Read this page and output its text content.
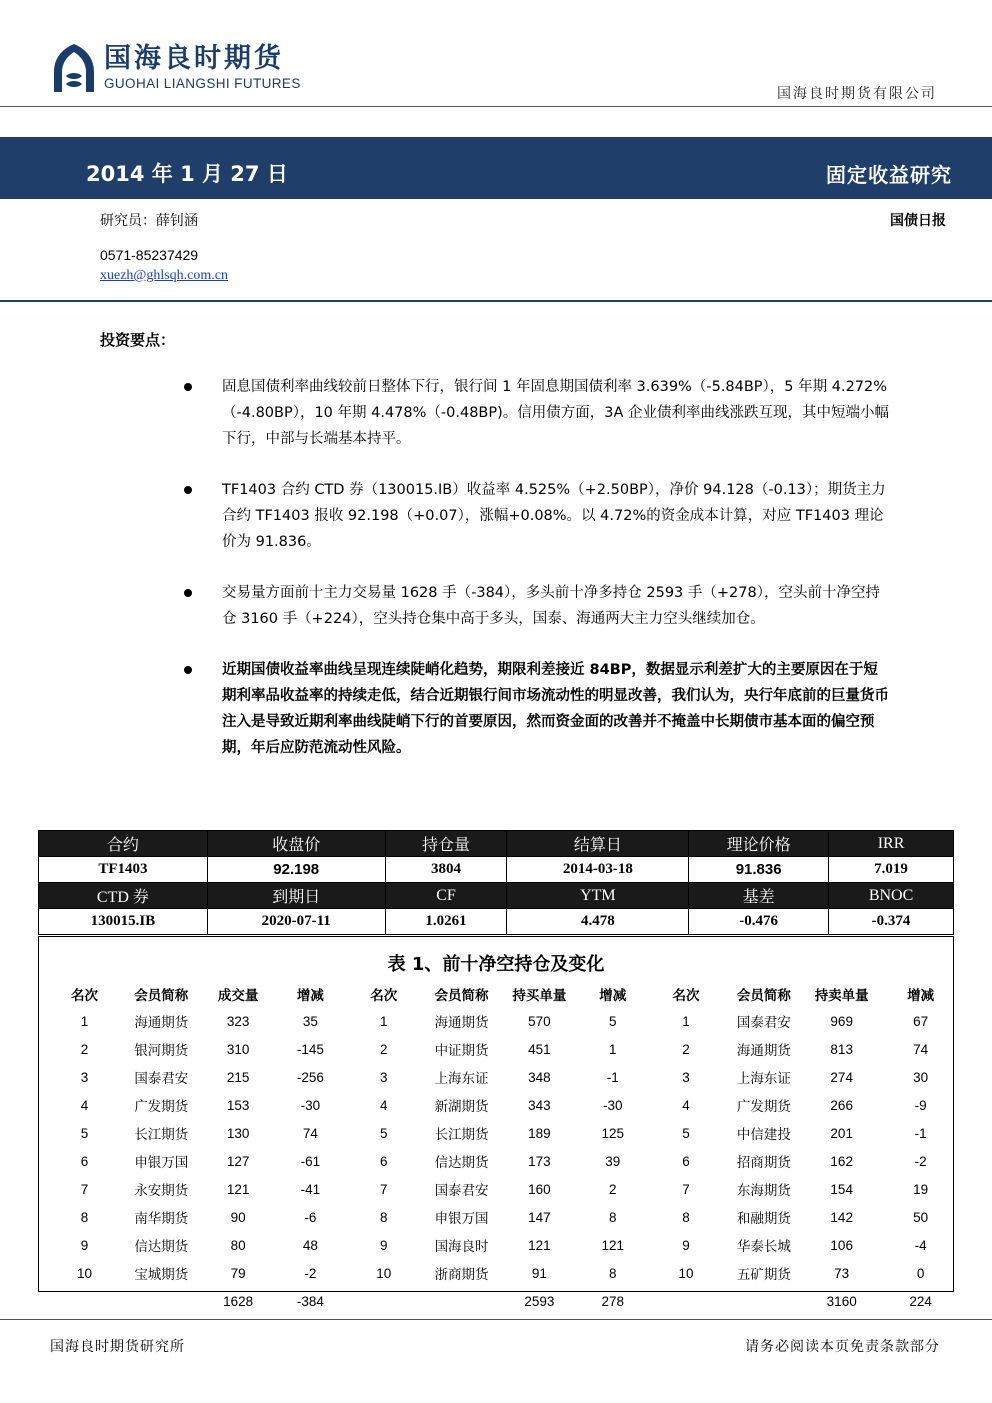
国海良时期货
GUOHAI LIANGSHI FUTURES
国海良时期货有限公司
2014 年 1 月 27 日	固定收益研究
研究员：薛钊涵	国债日报
0571-85237429
xuezh@ghlsqh.com.cn
投资要点：
固息国债利率曲线较前日整体下行，银行间 1 年固息期国债利率 3.639%（-5.84BP），5 年期 4.272%（-4.80BP），10 年期 4.478%（-0.48BP)。信用债方面，3A 企业债利率曲线涨跌互现，其中短端小幅下行，中部与长端基本持平。
TF1403 合约 CTD 券（130015.IB）收益率 4.525%（+2.50BP），净价 94.128（-0.13）；期货主力合约 TF1403 报收 92.198（+0.07），涨幅+0.08%。以 4.72%的资金成本计算，对应 TF1403 理论价为 91.836。
交易量方面前十主力交易量 1628 手（-384），多头前十净多持仓 2593 手（+278），空头前十净空持仓 3160 手（+224），空头持仓集中高于多头，国泰、海通两大主力空头继续加仓。
近期国债收益率曲线呈现连续陡峭化趋势，期限利差接近 84BP，数据显示利差扩大的主要原因在于短期利率品收益率的持续走低，结合近期银行间市场流动性的明显改善，我们认为，央行年底前的巨量货币注入是导致近期利率曲线陡峭下行的首要原因，然而资金面的改善并不掩盖中长期债市基本面的偏空预期，年后应防范流动性风险。
合约	收盘价	持仓量	结算日	理论价格	IRR
TF1403	92.198	3804	2014-03-18	91.836	7.019
CTD 券	到期日	CF	YTM	基差	BNOC
130015.IB	2020-07-11	1.0261	4.478	-0.476	-0.374
表 1、前十净空持仓及变化
名次	会员简称	成交量	增减	名次	会员简称	持买单量	增减	名次	会员简称	持卖单量	增减
1	海通期货	323	35	1	海通期货	570	5	1	国泰君安	969	67
2	银河期货	310	-145	2	中证期货	451	1	2	海通期货	813	74
3	国泰君安	215	-256	3	上海东证	348	-1	3	上海东证	274	30
4	广发期货	153	-30	4	新湖期货	343	-30	4	广发期货	266	-9
5	长江期货	130	74	5	长江期货	189	125	5	中信建投	201	-1
6	申银万国	127	-61	6	信达期货	173	39	6	招商期货	162	-2
7	永安期货	121	-41	7	国泰君安	160	2	7	东海期货	154	19
8	南华期货	90	-6	8	申银万国	147	8	8	和融期货	142	50
9	信达期货	80	48	9	国海良时	121	121	9	华泰长城	106	-4
10	宝城期货	79	-2	10	浙商期货	91	8	10	五矿期货	73	0
		1628	-384			2593	278			3160	224
国海良时期货研究所	请务必阅读本页免责条款部分
